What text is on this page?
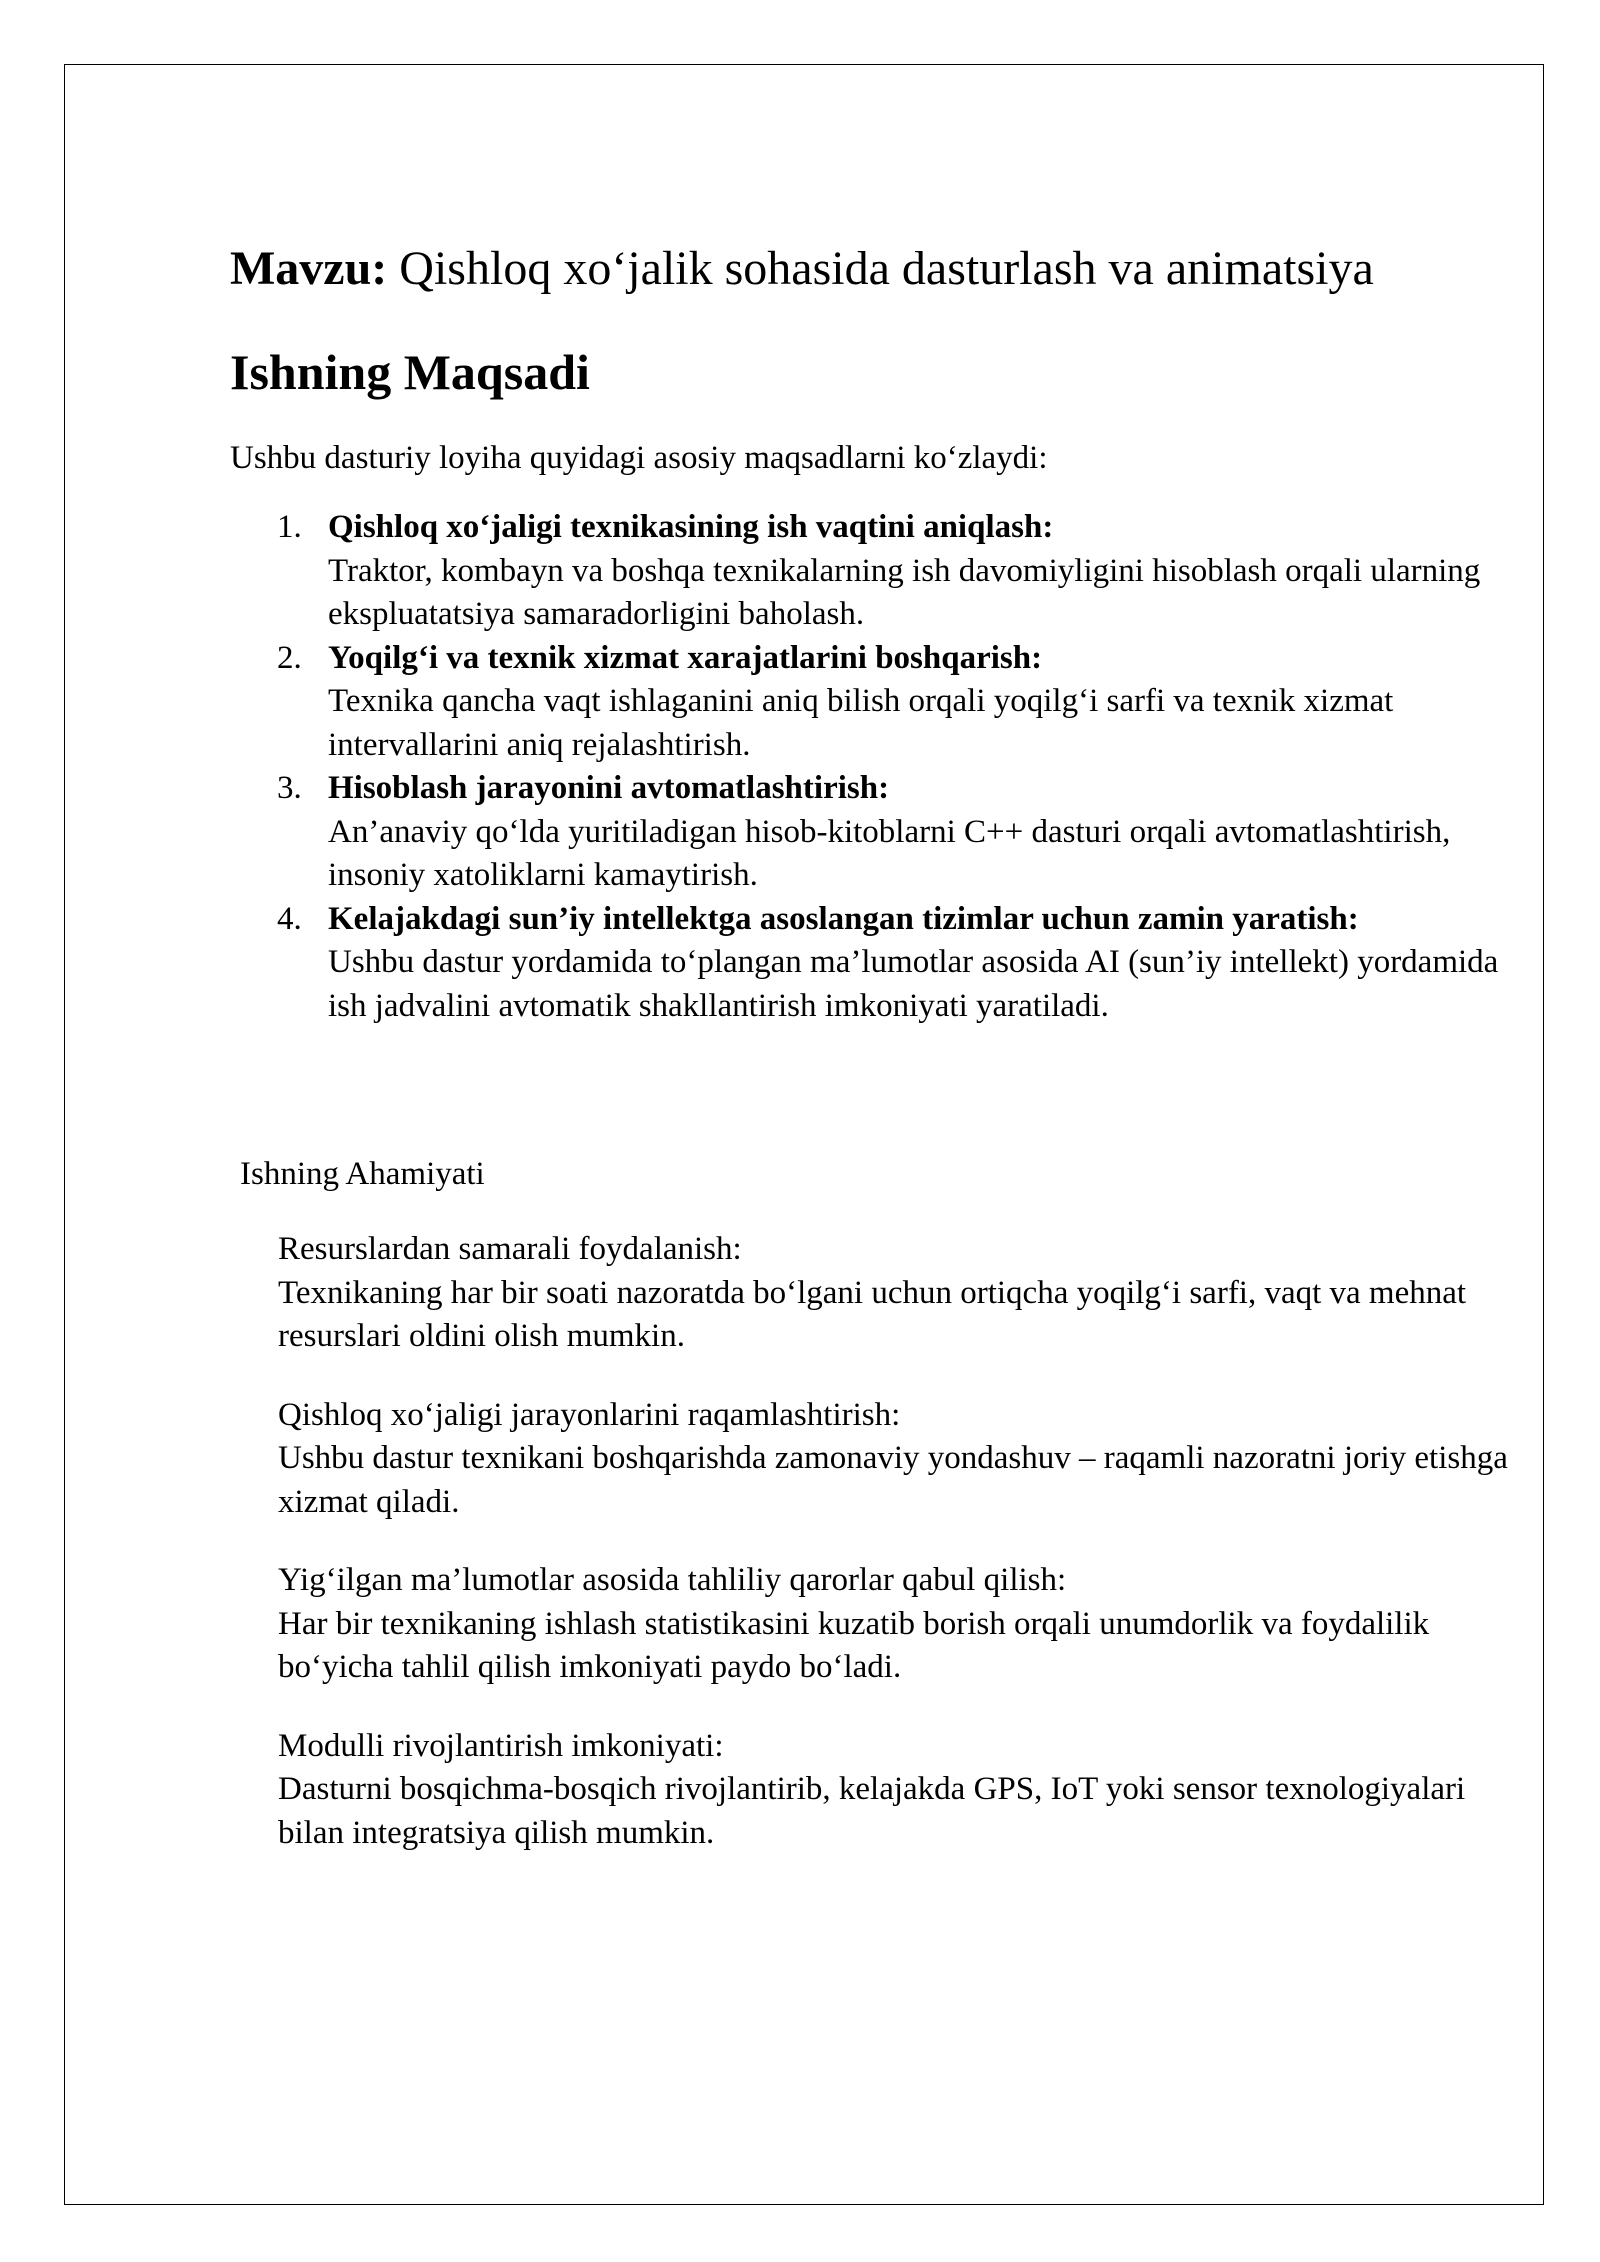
Mavzu: Qishloq xo‘jalik sohasida dasturlash va animatsiya
Ishning Maqsadi

Ushbu dasturiy loyiha quyidagi asosiy maqsadlarni ko‘zlaydi:

1. Qishloq xo‘jaligi texnikasining ish vaqtini aniqlash:
Traktor, kombayn va boshqa texnikalarning ish davomiyligini hisoblash orqali ularning ekspluatatsiya samaradorligini baholash.
2. Yoqilg‘i va texnik xizmat xarajatlarini boshqarish:
Texnika qancha vaqt ishlaganini aniq bilish orqali yoqilg‘i sarfi va texnik xizmat intervallarini aniq rejalashtirish.
3. Hisoblash jarayonini avtomatlashtirish:
An’anaviy qo‘lda yuritiladigan hisob-kitoblarni C++ dasturi orqali avtomatlashtirish, insoniy xatoliklarni kamaytirish.
4. Kelajakdagi sun’iy intellektga asoslangan tizimlar uchun zamin yaratish:
Ushbu dastur yordamida to‘plangan ma’lumotlar asosida AI (sun’iy intellekt) yordamida ish jadvalini avtomatik shakllantirish imkoniyati yaratiladi.

Ishning Ahamiyati

Resurslardan samarali foydalanish:
Texnikaning har bir soati nazoratda bo‘lgani uchun ortiqcha yoqilg‘i sarfi, vaqt va mehnat resurslari oldini olish mumkin.
Qishloq xo‘jaligi jarayonlarini raqamlashtirish:
Ushbu dastur texnikani boshqarishda zamonaviy yondashuv – raqamli nazoratni joriy etishga xizmat qiladi.
Yig‘ilgan ma’lumotlar asosida tahliliy qarorlar qabul qilish:
Har bir texnikaning ishlash statistikasini kuzatib borish orqali unumdorlik va foydalilik bo‘yicha tahlil qilish imkoniyati paydo bo‘ladi.
Modulli rivojlantirish imkoniyati:
Dasturni bosqichma-bosqich rivojlantirib, kelajakda GPS, IoT yoki sensor texnologiyalari bilan integratsiya qilish mumkin.
